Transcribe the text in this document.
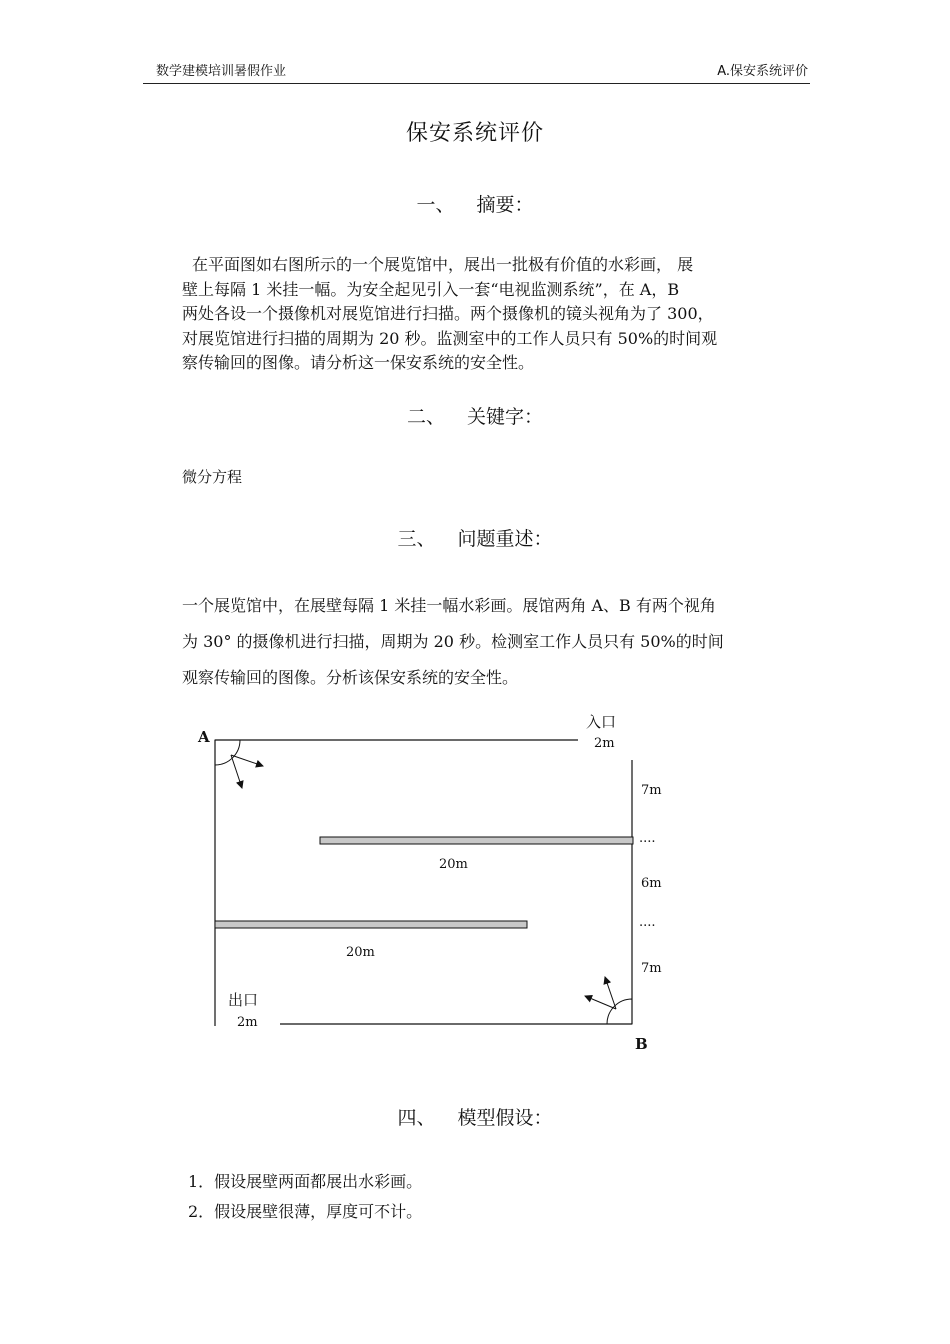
数学建模培训暑假作业	A.保安系统评价
保安系统评价
一、 摘要：

在平面图如右图所示的一个展览馆中，展出一批极有价值的水彩画， 展

壁上每隔 1 米挂一幅。为安全起见引入一套“电视监测系统”，在 A，B

两处各设一个摄像机对展览馆进行扫描。两个摄像机的镜头视角为了 300，

对展览馆进行扫描的周期为 20 秒。监测室中的工作人员只有 50%的时间观

察传输回的图像。请分析这一保安系统的安全性。

二、 关键字：
微分方程
三、 问题重述：

一个展览馆中，在展壁每隔 1 米挂一幅水彩画。展馆两角 A、B 有两个视角

为 30° 的摄像机进行扫描，周期为 20 秒。检测室工作人员只有 50%的时间

观察传输回的图像。分析该保安系统的安全性。

A
B
入口
2m
出口
2m
20m
20m
7m
6m
7m
....
....
四、 模型假设：

1．假设展壁两面都展出水彩画。

2．假设展壁很薄，厚度可不计。
